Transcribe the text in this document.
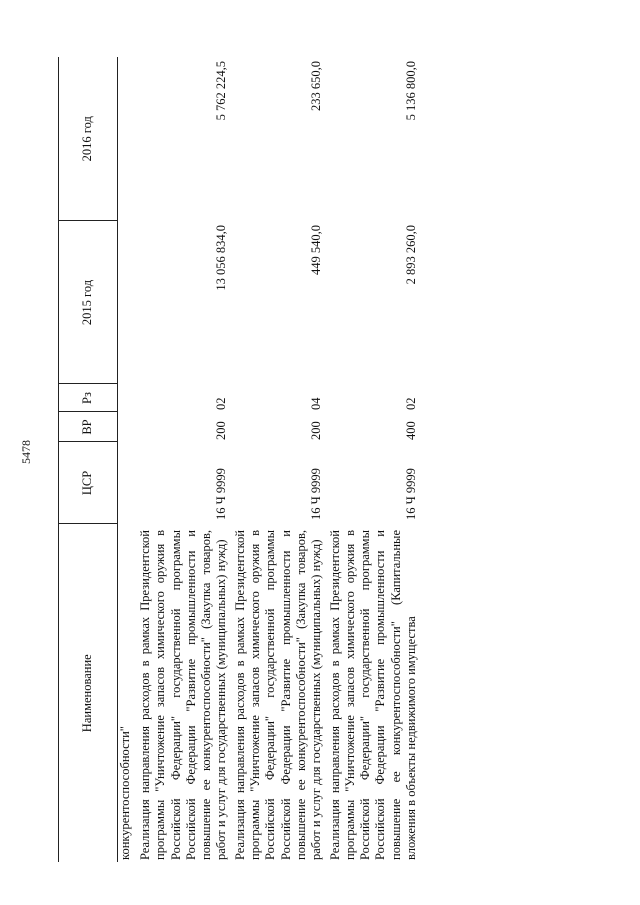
5478
Наименование	ЦСР	ВР	Рз	2015 год	2016 год
конкурентоспособности"					
Реализация направления расходов в рамках Президентской программы "Уничтожение запасов химического оружия в Российской Федерации" государственной программы Российской Федерации "Развитие промышленности и повышение ее конкурентоспособности" (Закупка товаров, работ и услуг для государственных (муниципальных) нужд)	16 Ч 9999	200	02	13 056 834,0	5 762 224,5
Реализация направления расходов в рамках Президентской программы "Уничтожение запасов химического оружия в Российской Федерации" государственной программы Российской Федерации "Развитие промышленности и повышение ее конкурентоспособности" (Закупка товаров, работ и услуг для государственных (муниципальных) нужд)	16 Ч 9999	200	04	449 540,0	233 650,0
Реализация направления расходов в рамках Президентской программы "Уничтожение запасов химического оружия в Российской Федерации" государственной программы Российской Федерации "Развитие промышленности и повышение ее конкурентоспособности" (Капитальные вложения в объекты недвижимого имущества	16 Ч 9999	400	02	2 893 260,0	5 136 800,0
